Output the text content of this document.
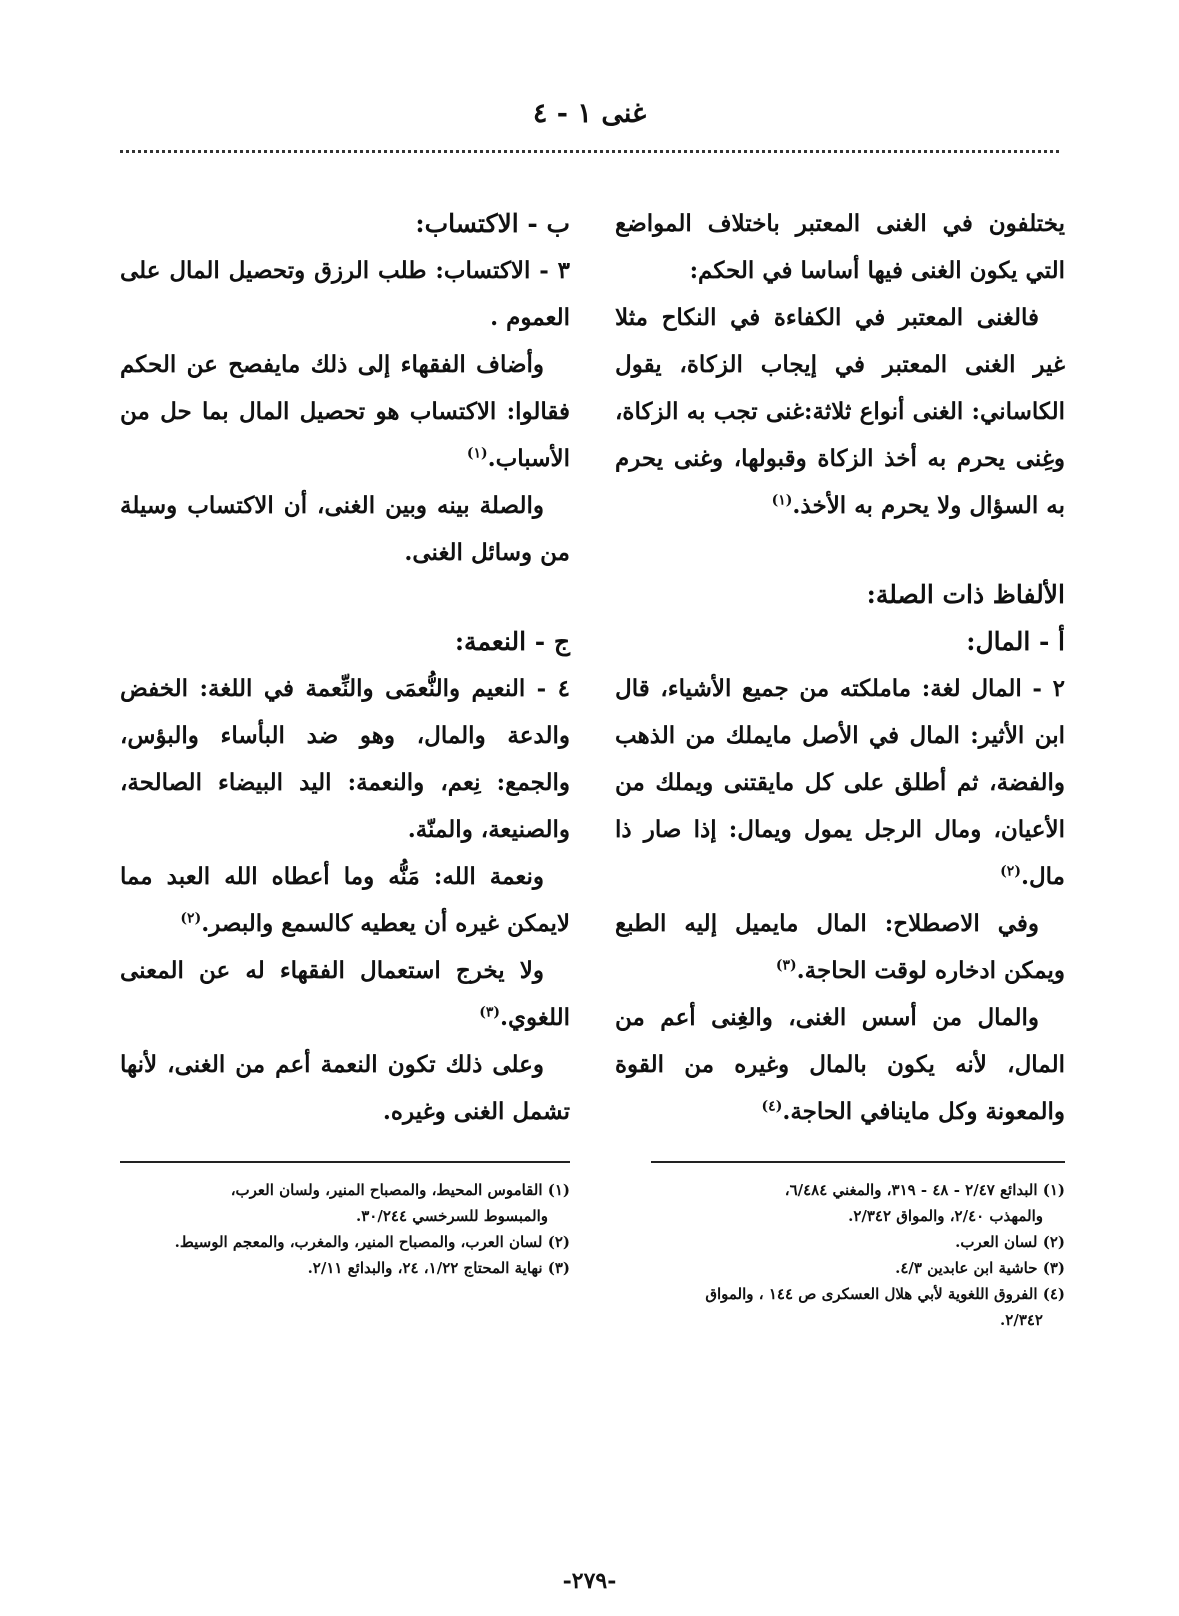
غنى ١ - ٤

يختلفون في الغنى المعتبر باختلاف المواضع التي يكون الغنى فيها أساسا في الحكم:

فالغنى المعتبر في الكفاءة في النكاح مثلا غير الغنى المعتبر في إيجاب الزكاة، يقول الكاساني: الغنى أنواع ثلاثة:غنى تجب به الزكاة، وغِنى يحرم به أخذ الزكاة وقبولها، وغنى يحرم به السؤال ولا يحرم به الأخذ.$^{(١)}$

الألفاظ ذات الصلة:

أ - المال:

٢ - المال لغة: ماملكته من جميع الأشياء، قال ابن الأثير: المال في الأصل مايملك من الذهب والفضة، ثم أطلق على كل مايقتنى ويملك من الأعيان، ومال الرجل يمول ويمال: إذا صار ذا مال.$^{(٢)}$

وفي الاصطلاح: المال مايميل إليه الطبع ويمكن ادخاره لوقت الحاجة.$^{(٣)}$

والمال من أسس الغنى، والغِنى أعم من المال، لأنه يكون بالمال وغيره من القوة والمعونة وكل ماينافي الحاجة.$^{(٤)}$

(١) البدائع ٢/٤٧ - ٤٨ - ٣١٩، والمغني ٦/٤٨٤،

والمهذب ٢/٤٠، والمواق ٢/٣٤٢.

(٢) لسان العرب.

(٣) حاشية ابن عابدين ٤/٣.

(٤) الفروق اللغوية لأبي هلال العسكرى ص ١٤٤ ، والمواق

٢/٣٤٢.

ب - الاكتساب:

٣ - الاكتساب: طلب الرزق وتحصيل المال على العموم .

وأضاف الفقهاء إلى ذلك مايفصح عن الحكم فقالوا: الاكتساب هو تحصيل المال بما حل من الأسباب.$^{(١)}$

والصلة بينه وبين الغنى، أن الاكتساب وسيلة من وسائل الغنى.

ج - النعمة:

٤ - النعيم والنُّعمَى والنِّعمة في اللغة: الخفض والدعة والمال، وهو ضد البأساء والبؤس، والجمع: نِعم، والنعمة: اليد البيضاء الصالحة، والصنيعة، والمنّة.

ونعمة الله: مَنُّه وما أعطاه الله العبد مما لايمكن غيره أن يعطيه كالسمع والبصر.$^{(٢)}$

ولا يخرج استعمال الفقهاء له عن المعنى اللغوي.$^{(٣)}$

وعلى ذلك تكون النعمة أعم من الغنى، لأنها تشمل الغنى وغيره.

(١) القاموس المحيط، والمصباح المنير، ولسان العرب،

والمبسوط للسرخسي ٣٠/٢٤٤.

(٢) لسان العرب، والمصباح المنير، والمغرب، والمعجم الوسيط.

(٣) نهاية المحتاج ١/٢٢، ٢٤، والبدائع ٢/١١.

-٢٧٩-
